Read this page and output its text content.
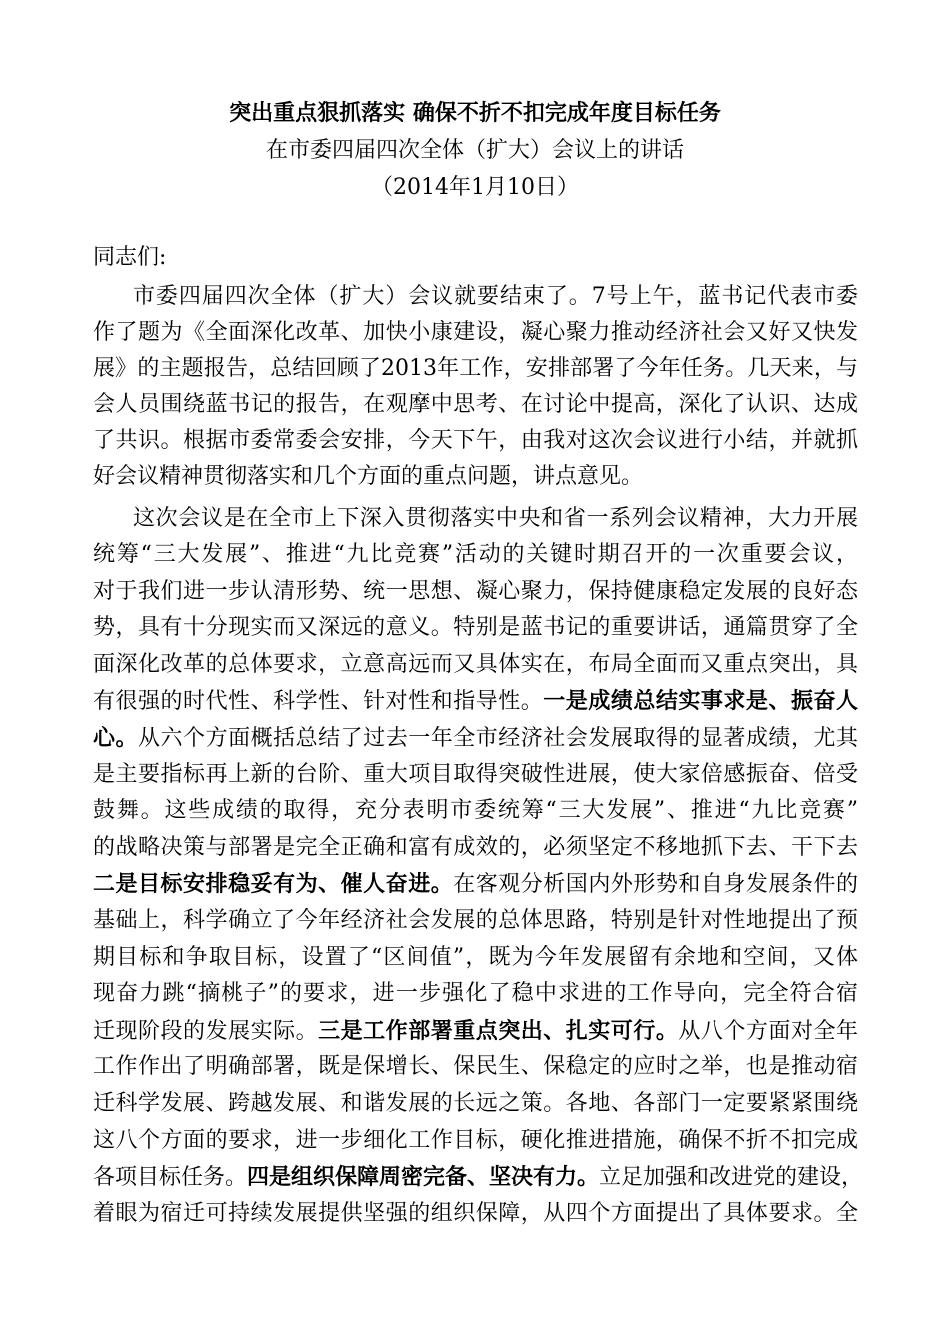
突出重点狠抓落实 确保不折不扣完成年度目标任务
在市委四届四次全体（扩大）会议上的讲话
（2014年1月10日）
同志们:
市委四届四次全体（扩大）会议就要结束了。7号上午，蓝书记代表市委
作了题为《全面深化改革、加快小康建设，凝心聚力推动经济社会又好又快发
展》的主题报告，总结回顾了2013年工作，安排部署了今年任务。几天来，与
会人员围绕蓝书记的报告，在观摩中思考、在讨论中提高，深化了认识、达成
了共识。根据市委常委会安排，今天下午，由我对这次会议进行小结，并就抓
好会议精神贯彻落实和几个方面的重点问题，讲点意见。
这次会议是在全市上下深入贯彻落实中央和省一系列会议精神，大力开展
统筹“三大发展”、推进“九比竞赛”活动的关键时期召开的一次重要会议，
对于我们进一步认清形势、统一思想、凝心聚力，保持健康稳定发展的良好态
势，具有十分现实而又深远的意义。特别是蓝书记的重要讲话，通篇贯穿了全
面深化改革的总体要求，立意高远而又具体实在，布局全面而又重点突出，具
有很强的时代性、科学性、针对性和指导性。一是成绩总结实事求是、振奋人
心。从六个方面概括总结了过去一年全市经济社会发展取得的显著成绩，尤其
是主要指标再上新的台阶、重大项目取得突破性进展，使大家倍感振奋、倍受
鼓舞。这些成绩的取得，充分表明市委统筹“三大发展”、推进“九比竞赛”
的战略决策与部署是完全正确和富有成效的，必须坚定不移地抓下去、干下去
二是目标安排稳妥有为、催人奋进。在客观分析国内外形势和自身发展条件的
基础上，科学确立了今年经济社会发展的总体思路，特别是针对性地提出了预
期目标和争取目标，设置了“区间值”，既为今年发展留有余地和空间，又体
现奋力跳“摘桃子”的要求，进一步强化了稳中求进的工作导向，完全符合宿
迁现阶段的发展实际。三是工作部署重点突出、扎实可行。从八个方面对全年
工作作出了明确部署，既是保增长、保民生、保稳定的应时之举，也是推动宿
迁科学发展、跨越发展、和谐发展的长远之策。各地、各部门一定要紧紧围绕
这八个方面的要求，进一步细化工作目标，硬化推进措施，确保不折不扣完成
各项目标任务。四是组织保障周密完备、坚决有力。立足加强和改进党的建设，
着眼为宿迁可持续发展提供坚强的组织保障，从四个方面提出了具体要求。全
